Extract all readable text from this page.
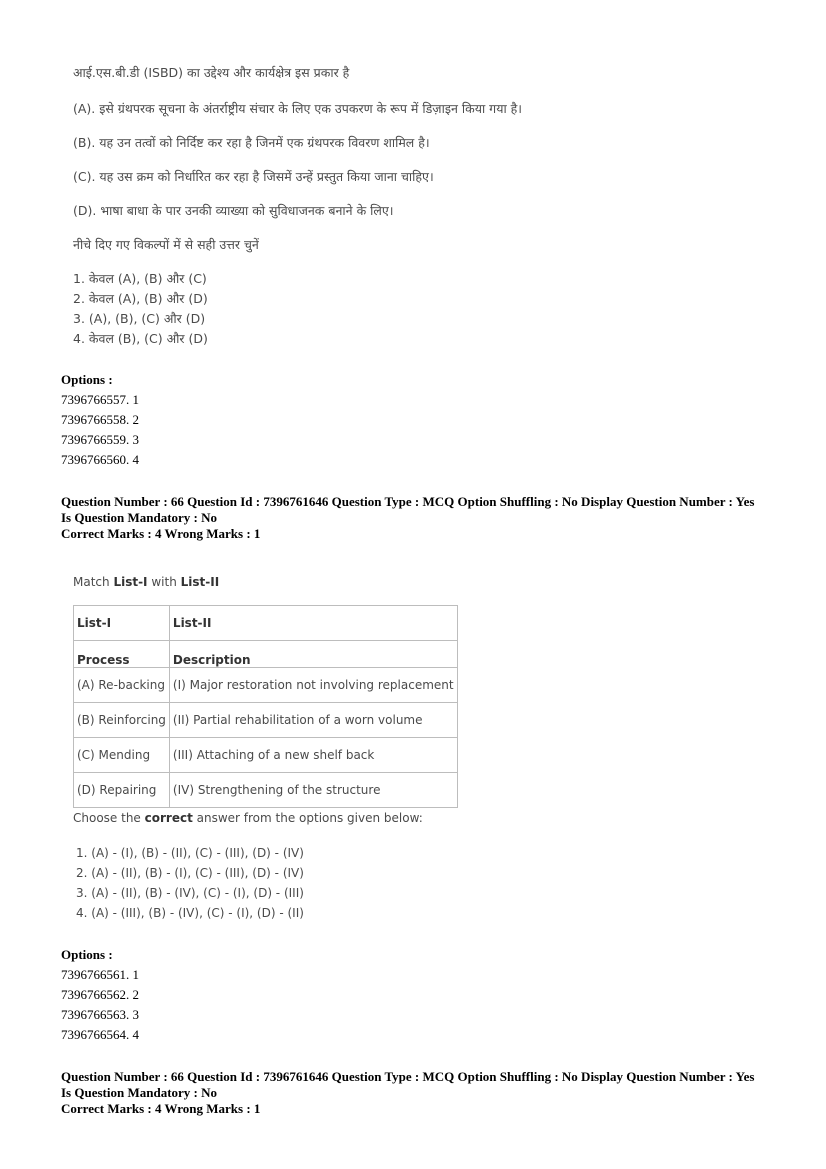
आई.एस.बी.डी (ISBD) का उद्देश्य और कार्यक्षेत्र इस प्रकार है

(A). इसे ग्रंथपरक सूचना के अंतर्राष्ट्रीय संचार के लिए एक उपकरण के रूप में डिज़ाइन किया गया है।

(B). यह उन तत्वों को निर्दिष्ट कर रहा है जिनमें एक ग्रंथपरक विवरण शामिल है।

(C). यह उस क्रम को निर्धारित कर रहा है जिसमें उन्हें प्रस्तुत किया जाना चाहिए।

(D). भाषा बाधा के पार उनकी व्याख्या को सुविधाजनक बनाने के लिए।

नीचे दिए गए विकल्पों में से सही उत्तर चुनें

1. केवल (A), (B) और (C)
2. केवल (A), (B) और (D)
3. (A), (B), (C) और (D)
4. केवल (B), (C) और (D)
Options :
7396766557. 1
7396766558. 2
7396766559. 3
7396766560. 4
Question Number : 66 Question Id : 7396761646 Question Type : MCQ Option Shuffling : No Display Question Number : Yes
Is Question Mandatory : No
Correct Marks : 4 Wrong Marks : 1
Match List-I with List-II
List-I	List-II
Process	Description
(A) Re-backing	(I) Major restoration not involving replacement
(B) Reinforcing	(II) Partial rehabilitation of a worn volume
(C) Mending	(III) Attaching of a new shelf back
(D) Repairing	(IV) Strengthening of the structure
Choose the correct answer from the options given below:
1. (A) - (I), (B) - (II), (C) - (III), (D) - (IV)
2. (A) - (II), (B) - (I), (C) - (III), (D) - (IV)
3. (A) - (II), (B) - (IV), (C) - (I), (D) - (III)
4. (A) - (III), (B) - (IV), (C) - (I), (D) - (II)
Options :
7396766561. 1
7396766562. 2
7396766563. 3
7396766564. 4
Question Number : 66 Question Id : 7396761646 Question Type : MCQ Option Shuffling : No Display Question Number : Yes
Is Question Mandatory : No
Correct Marks : 4 Wrong Marks : 1
